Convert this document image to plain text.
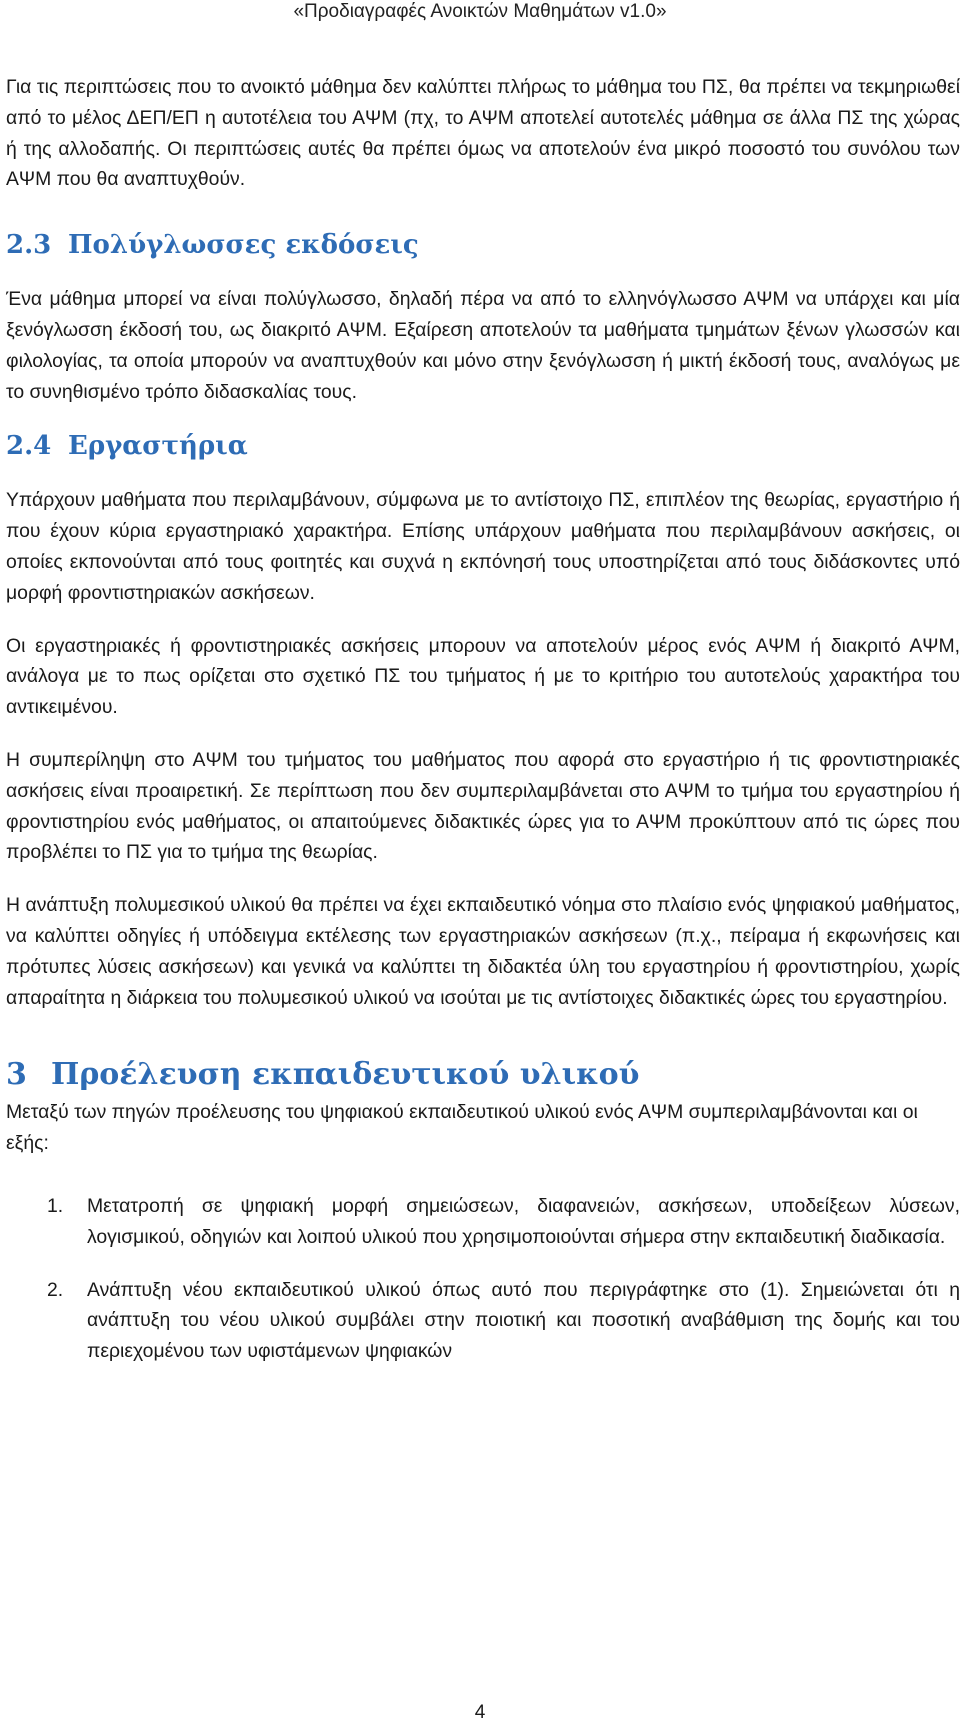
«Προδιαγραφές Ανοικτών Μαθημάτων v1.0»

Για τις περιπτώσεις που το ανοικτό μάθημα δεν καλύπτει πλήρως το μάθημα του ΠΣ, θα πρέπει να τεκμηριωθεί από το μέλος ΔΕΠ/ΕΠ η αυτοτέλεια του ΑΨΜ (πχ, το ΑΨΜ αποτελεί αυτοτελές μάθημα σε άλλα ΠΣ της χώρας ή της αλλοδαπής. Οι περιπτώσεις αυτές θα πρέπει όμως να αποτελούν ένα μικρό ποσοστό του συνόλου των ΑΨΜ που θα αναπτυχθούν.

2.3 Πολύγλωσσες εκδόσεις

Ένα μάθημα μπορεί να είναι πολύγλωσσο, δηλαδή πέρα να από το ελληνόγλωσσο ΑΨΜ να υπάρχει και μία ξενόγλωσση έκδοσή του, ως διακριτό ΑΨΜ. Εξαίρεση αποτελούν τα μαθήματα τμημάτων ξένων γλωσσών και φιλολογίας, τα οποία μπορούν να αναπτυχθούν και μόνο στην ξενόγλωσση ή μικτή έκδοσή τους, αναλόγως με το συνηθισμένο τρόπο διδασκαλίας τους.

2.4 Εργαστήρια

Υπάρχουν μαθήματα που περιλαμβάνουν, σύμφωνα με το αντίστοιχο ΠΣ, επιπλέον της θεωρίας, εργαστήριο ή που έχουν κύρια εργαστηριακό χαρακτήρα. Επίσης υπάρχουν μαθήματα που περιλαμβάνουν ασκήσεις, οι οποίες εκπονούνται από τους φοιτητές και συχνά η εκπόνησή τους υποστηρίζεται από τους διδάσκοντες υπό μορφή φροντιστηριακών ασκήσεων.

Οι εργαστηριακές ή φροντιστηριακές ασκήσεις μπορουν να αποτελούν μέρος ενός ΑΨΜ ή διακριτό ΑΨΜ, ανάλογα με το πως ορίζεται στο σχετικό ΠΣ του τμήματος ή με το κριτήριο του αυτοτελούς χαρακτήρα του αντικειμένου.

Η συμπερίληψη στο ΑΨΜ του τμήματος του μαθήματος που αφορά στο εργαστήριο ή τις φροντιστηριακές ασκήσεις είναι προαιρετική. Σε περίπτωση που δεν συμπεριλαμβάνεται στο ΑΨΜ το τμήμα του εργαστηρίου ή φροντιστηρίου ενός μαθήματος, οι απαιτούμενες διδακτικές ώρες για το ΑΨΜ προκύπτουν από τις ώρες που προβλέπει το ΠΣ για το τμήμα της θεωρίας.

Η ανάπτυξη πολυμεσικού υλικού θα πρέπει να έχει εκπαιδευτικό νόημα στο πλαίσιο ενός ψηφιακού μαθήματος, να καλύπτει οδηγίες ή υπόδειγμα εκτέλεσης των εργαστηριακών ασκήσεων (π.χ., πείραμα ή εκφωνήσεις και πρότυπες λύσεις ασκήσεων) και γενικά να καλύπτει τη διδακτέα ύλη του εργαστηρίου ή φροντιστηρίου, χωρίς απαραίτητα η διάρκεια του πολυμεσικού υλικού να ισούται με τις αντίστοιχες διδακτικές ώρες του εργαστηρίου.

3 Προέλευση εκπαιδευτικού υλικού

Μεταξύ των πηγών προέλευσης του ψηφιακού εκπαιδευτικού υλικού ενός ΑΨΜ συμπεριλαμβάνονται και οι εξής:

1. Μετατροπή σε ψηφιακή μορφή σημειώσεων, διαφανειών, ασκήσεων, υποδείξεων λύσεων, λογισμικού, οδηγιών και λοιπού υλικού που χρησιμοποιούνται σήμερα στην εκπαιδευτική διαδικασία.
2. Ανάπτυξη νέου εκπαιδευτικού υλικού όπως αυτό που περιγράφτηκε στο (1). Σημειώνεται ότι η ανάπτυξη του νέου υλικού συμβάλει στην ποιοτική και ποσοτική αναβάθμιση της δομής και του περιεχομένου των υφιστάμενων ψηφιακών
4
